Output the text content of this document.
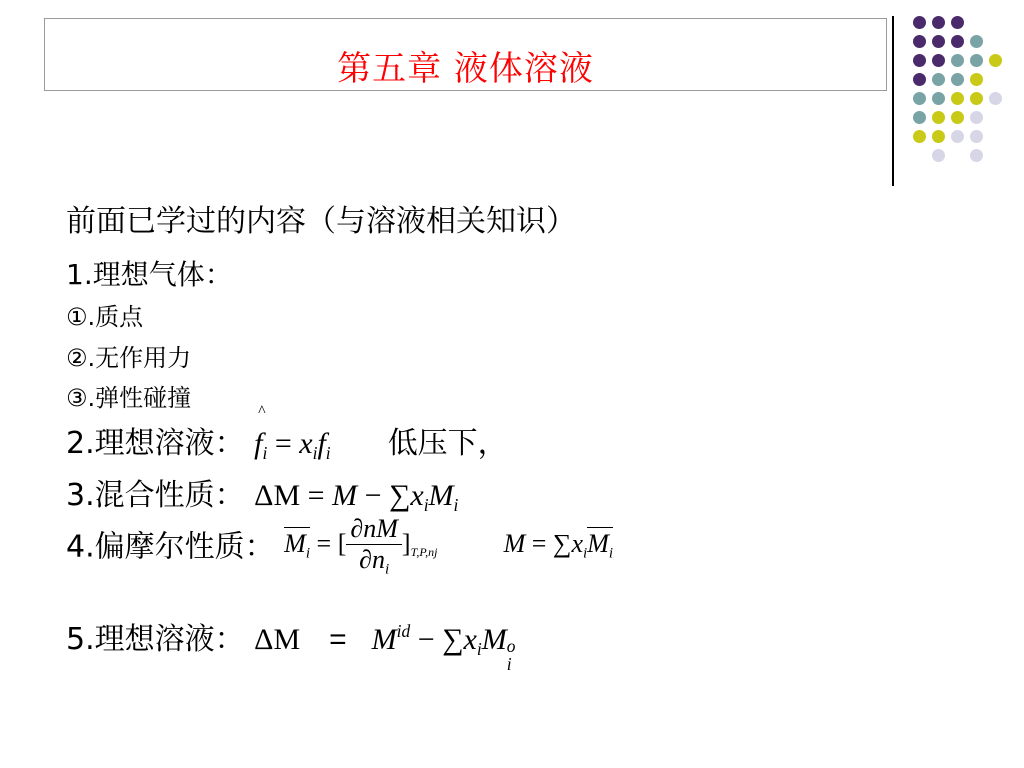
第五章 液体溶液
前面已学过的内容（与溶液相关知识）
1.理想气体：
①.质点
②.无作用力
③.弹性碰撞
2.理想溶液：
^
$f_i = x_if_i$ 低压下，
3.混合性质： $\Delta M = M - \sum x_iM_i$
4.偏摩尔性质： $M_i$ = [ $\frac{\partial nM}{\partial n_i} ]_{T,P,nj}$	$M = \sum x_iM_i$
5.理想溶液： $\Delta M = M^{id} - \sum x_iM$ o
i
